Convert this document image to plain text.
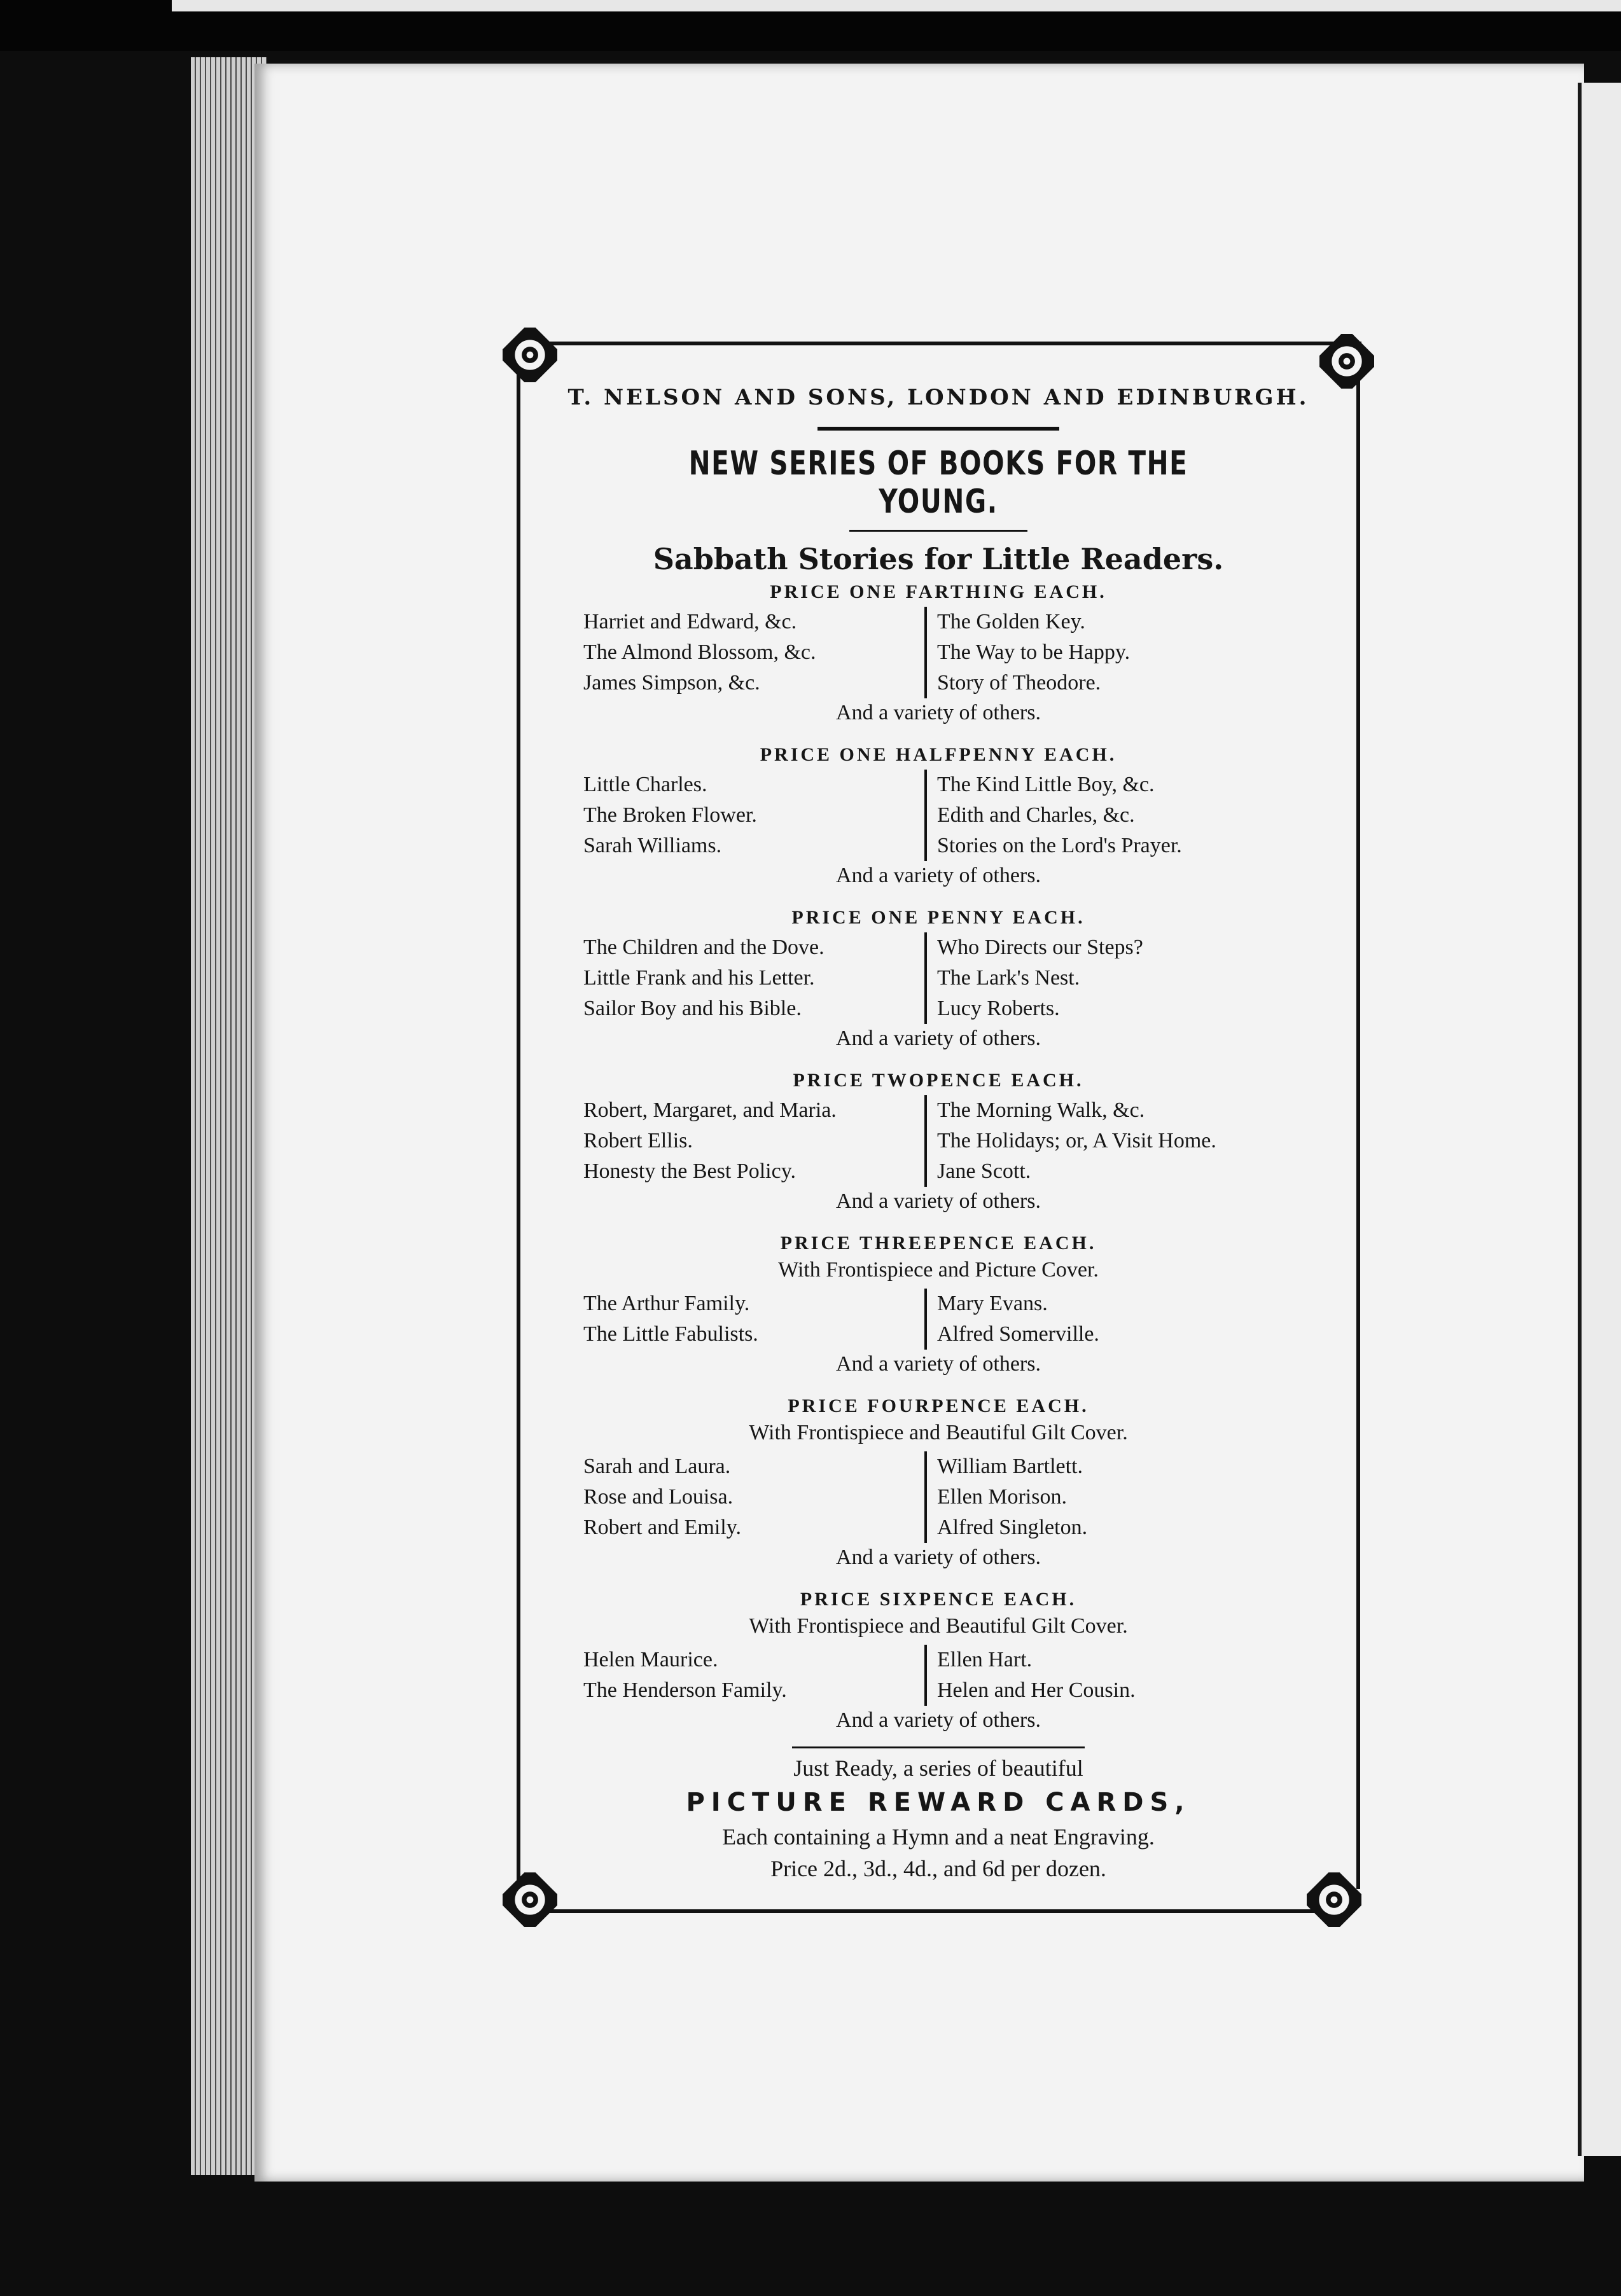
T. NELSON AND SONS, LONDON AND EDINBURGH.
NEW SERIES OF BOOKS FOR THE YOUNG.
Sabbath Stories for Little Readers.
PRICE ONE FARTHING EACH.
Harriet and Edward, &c.
The Almond Blossom, &c.
James Simpson, &c.
The Golden Key.
The Way to be Happy.
Story of Theodore.
And a variety of others.
PRICE ONE HALFPENNY EACH.
Little Charles.
The Broken Flower.
Sarah Williams.
The Kind Little Boy, &c.
Edith and Charles, &c.
Stories on the Lord's Prayer.
And a variety of others.
PRICE ONE PENNY EACH.
The Children and the Dove.
Little Frank and his Letter.
Sailor Boy and his Bible.
Who Directs our Steps?
The Lark's Nest.
Lucy Roberts.
And a variety of others.
PRICE TWOPENCE EACH.
Robert, Margaret, and Maria.
Robert Ellis.
Honesty the Best Policy.
The Morning Walk, &c.
The Holidays; or, A Visit Home.
Jane Scott.
And a variety of others.
PRICE THREEPENCE EACH.
With Frontispiece and Picture Cover.
The Arthur Family.
The Little Fabulists.
Mary Evans.
Alfred Somerville.
And a variety of others.
PRICE FOURPENCE EACH.
With Frontispiece and Beautiful Gilt Cover.
Sarah and Laura.
Rose and Louisa.
Robert and Emily.
William Bartlett.
Ellen Morison.
Alfred Singleton.
And a variety of others.
PRICE SIXPENCE EACH.
With Frontispiece and Beautiful Gilt Cover.
Helen Maurice.
The Henderson Family.
Ellen Hart.
Helen and Her Cousin.
And a variety of others.
Just Ready, a series of beautiful
PICTURE REWARD CARDS,
Each containing a Hymn and a neat Engraving.
Price 2d., 3d., 4d., and 6d per dozen.
